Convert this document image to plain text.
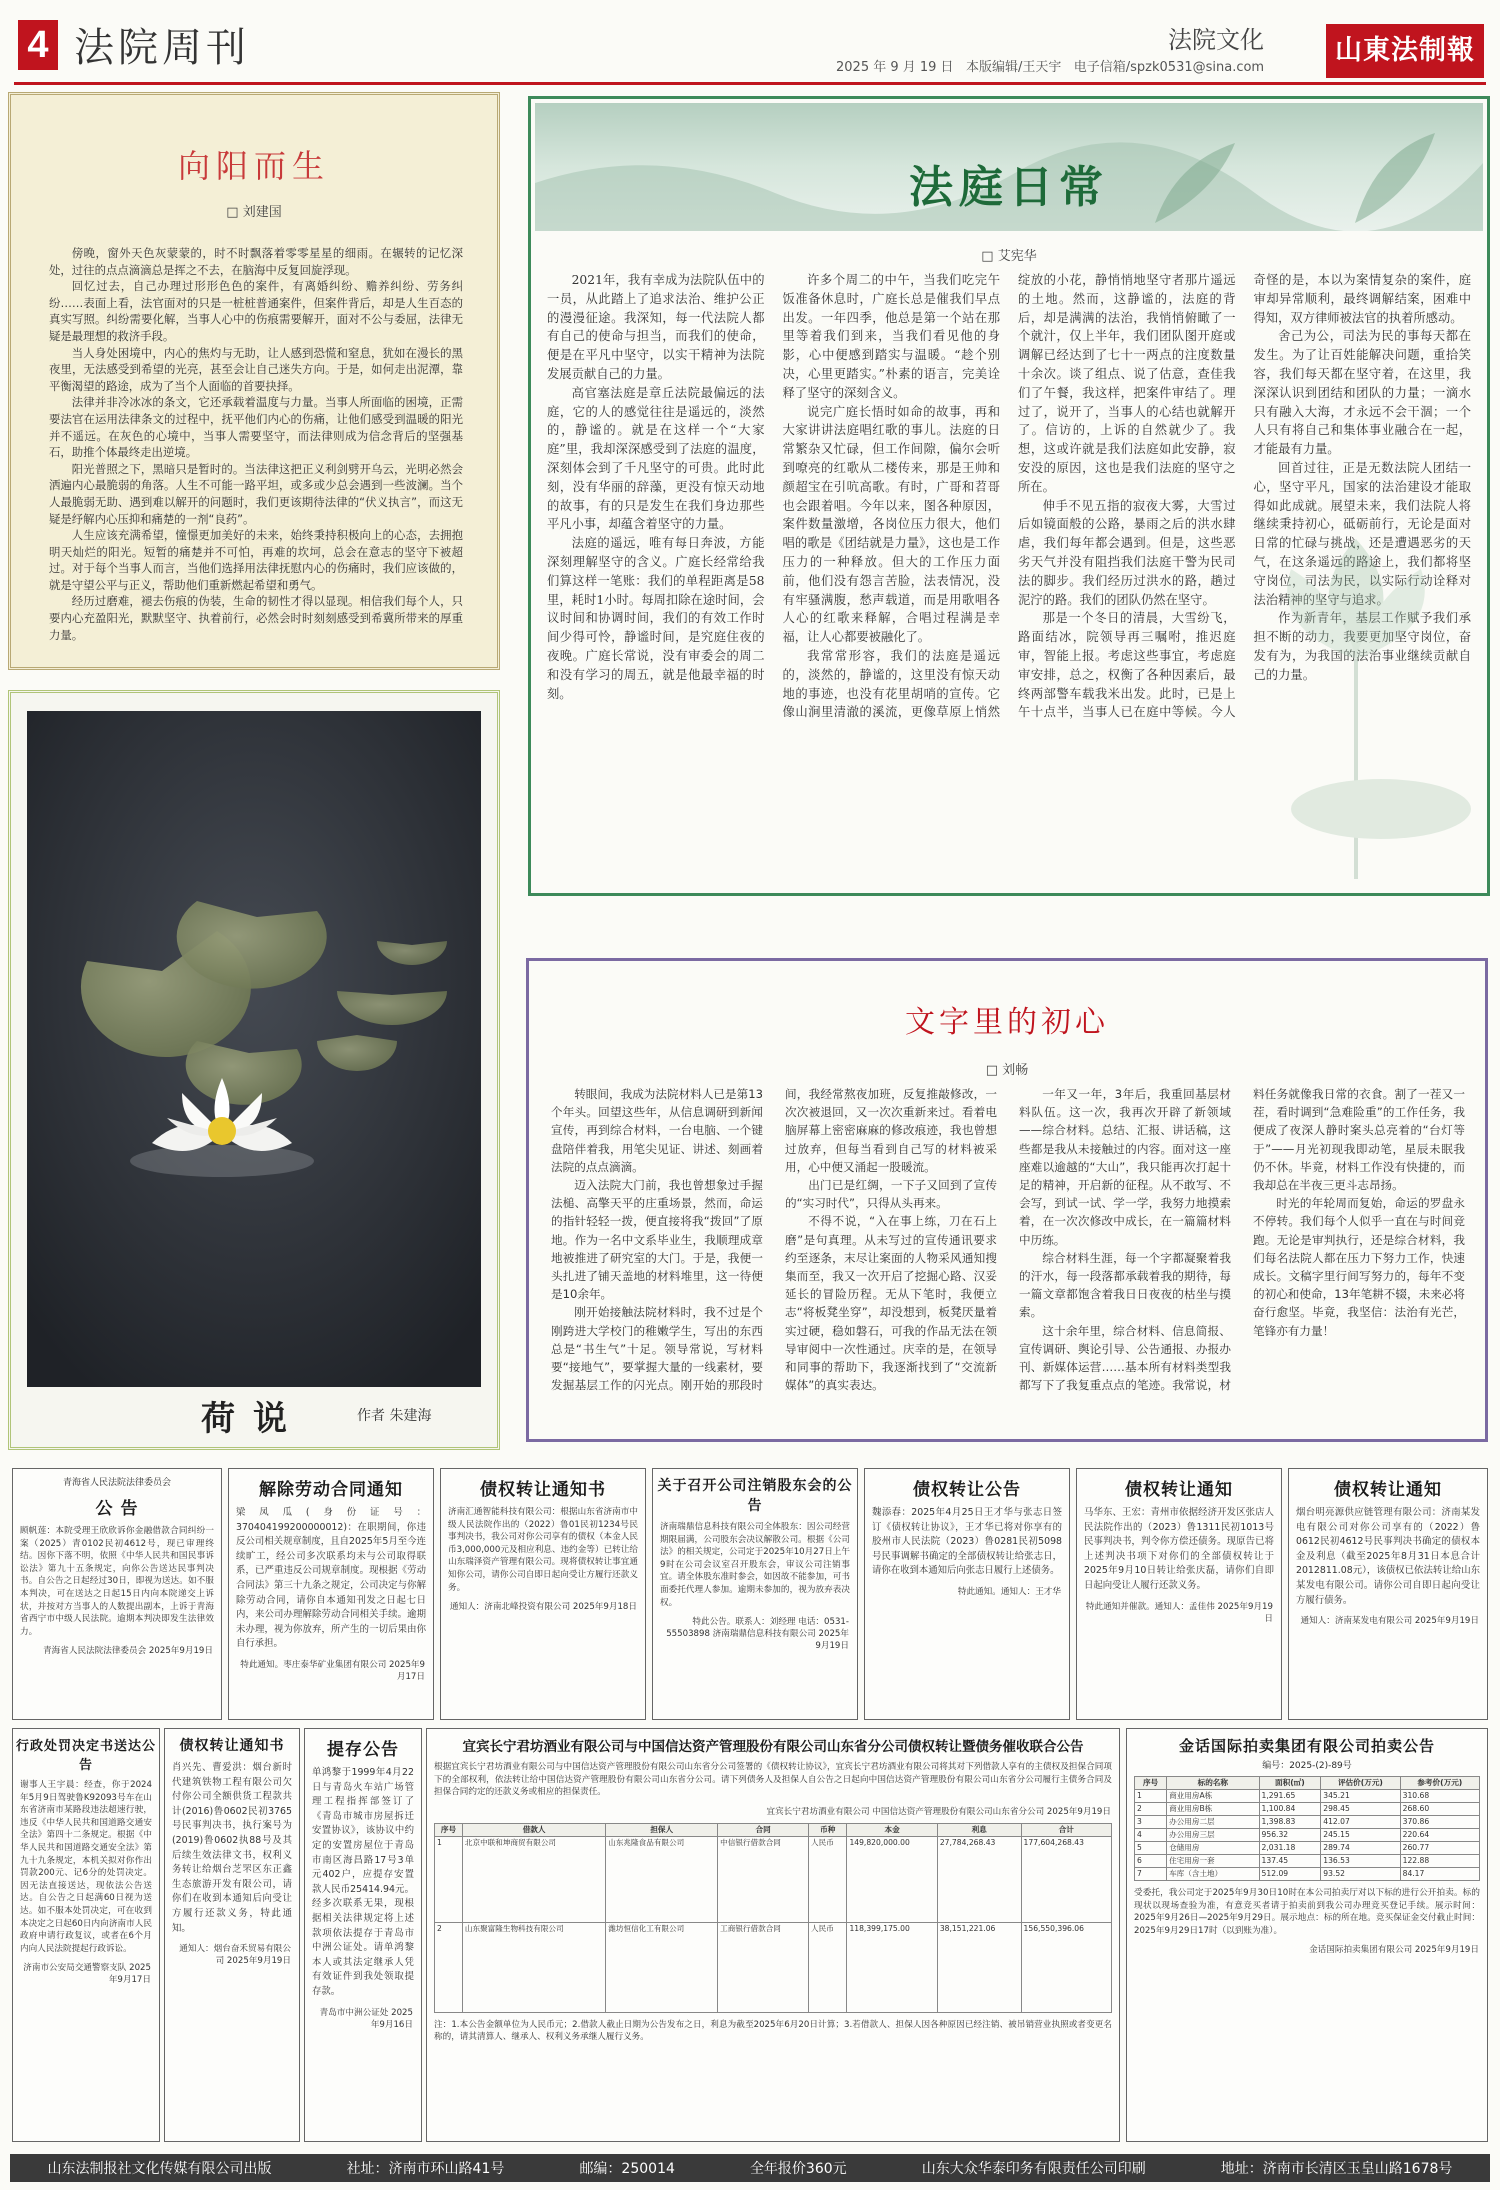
4 法院周刊	法院文化
2025 年 9 月 19 日 本版编辑/王天宇 电子信箱/spzk0531@sina.com
山東法制報
向阳而生
□ 刘建国

傍晚，窗外天色灰蒙蒙的，时不时飘落着零零星星的细雨。在辗转的记忆深处，过往的点点滴滴总是挥之不去，在脑海中反复回旋浮现。

回忆过去，自己办理过形形色色的案件，有离婚纠纷、赡养纠纷、劳务纠纷……表面上看，法官面对的只是一桩桩普通案件，但案件背后，却是人生百态的真实写照。纠纷需要化解，当事人心中的伤痕需要解开，面对不公与委屈，法律无疑是最理想的救济手段。

当人身处困境中，内心的焦灼与无助，让人感到恐慌和窒息，犹如在漫长的黑夜里，无法感受到希望的光亮，甚至会让自己迷失方向。于是，如何走出泥潭，靠平衡渴望的路途，成为了当个人面临的首要抉择。

法律并非冷冰冰的条文，它还承载着温度与力量。当事人所面临的困境，正需要法官在运用法律条文的过程中，抚平他们内心的伤痛，让他们感受到温暖的阳光并不遥远。在灰色的心境中，当事人需要坚守，而法律则成为信念背后的坚强基石，助推个体最终走出逆境。

阳光普照之下，黑暗只是暂时的。当法律这把正义利剑劈开乌云，光明必然会洒遍内心最脆弱的角落。人生不可能一路平坦，或多或少总会遇到一些波澜。当个人最脆弱无助、遇到难以解开的问题时，我们更该期待法律的“伏义执言”，而这无疑是纾解内心压抑和痛楚的一剂“良药”。

人生应该充满希望，憧憬更加美好的未来，始终秉持积极向上的心态，去拥抱明天灿烂的阳光。短暂的痛楚并不可怕，再难的坎坷，总会在意志的坚守下被超过。对于每个当事人而言，当他们选择用法律抚慰内心的伤痛时，我们应该做的，就是守望公平与正义，帮助他们重新燃起希望和勇气。

经历过磨难，褪去伤痕的伪装，生命的韧性才得以显现。相信我们每个人，只要内心充盈阳光，默默坚守、执着前行，必然会时时刻刻感受到希冀所带来的厚重力量。

荷说	作者 朱建海
法庭日常
□ 艾宪华

2021年，我有幸成为法院队伍中的一员，从此踏上了追求法治、维护公正的漫漫征途。我深知，每一代法院人都有自己的使命与担当，而我们的使命，便是在平凡中坚守，以实干精神为法院发展贡献自己的力量。

高官塞法庭是章丘法院最偏远的法庭，它的人的感觉往往是遥远的，淡然的，静谧的。就是在这样一个“大家庭”里，我却深深感受到了法庭的温度，深刻体会到了千凡坚守的可贵。此时此刻，没有华丽的辞藻，更没有惊天动地的故事，有的只是发生在我们身边那些平凡小事，却蕴含着坚守的力量。

法庭的遥远，唯有每日奔波，方能深刻理解坚守的含义。广庭长经常给我们算这样一笔账：我们的单程距离是58里，耗时1小时。每周扣除在途时间，会议时间和协调时间，我们的有效工作时间少得可怜，静谧时间，是究庭住夜的夜晚。广庭长常说，没有审委会的周二和没有学习的周五，就是他最幸福的时刻。

许多个周二的中午，当我们吃完午饭准备休息时，广庭长总是催我们早点出发。一年四季，他总是第一个站在那里等着我们到来，当我们看见他的身影，心中便感到踏实与温暖。“趁个别决，心里更踏实。”朴素的语言，完美诠释了坚守的深刻含义。

说完广庭长悟时如命的故事，再和大家讲讲法庭唱红歌的事儿。法庭的日常繁杂又忙碌，但工作间隙，偏尔会听到嘹亮的红歌从二楼传来，那是王帅和颜超宝在引吭高歌。有时，广哥和苕哥也会跟着唱。今年以来，图各种原因，案件数量激增，各岗位压力很大，他们唱的歌是《团结就是力量》，这也是工作压力的一种释放。但大的工作压力面前，他们没有怨言苦脸，法表情况，没有牢骚满腹，愁声载道，而是用歌唱各人心的红歌来释解，合唱过程满是幸福，让人心都要被融化了。

我常常形容，我们的法庭是遥远的，淡然的，静谧的，这里没有惊天动地的事迹，也没有花里胡哨的宣传。它像山涧里清澈的溪流，更像草原上悄然绽放的小花，静悄悄地坚守者那片遥远的土地。然而，这静谧的，法庭的背后，却是满满的法治，我悄悄俯瞰了一个就汁，仅上半年，我们团队图开庭或调解已经达到了七十一两点的注度数量十余次。谈了组点、说了估意，查佳我们了午餐，我这样，把案件审结了。理过了，说开了，当事人的心结也就解开了。信访的，上诉的自然就少了。我想，这或许就是我们法庭如此安静，寂安没的原因，这也是我们法庭的坚守之所在。

伸手不见五指的寂夜大雾，大雪过后如镜面般的公路，暴雨之后的洪水肆虐，我们每年都会遇到。但是，这些恶劣天气并没有阻挡我们法庭干警为民司法的脚步。我们经历过洪水的路，趟过泥泞的路。我们的团队仍然在坚守。

那是一个冬日的清晨，大雪纷飞，路面结冰，院领导再三嘱咐，推迟庭审，智能上报。考虑这些事宜，考虑庭审安排，总之，权衡了各种因素后，最终两部警车载我米出发。此时，已是上午十点半，当事人已在庭中等候。今人奇怪的是，本以为案情复杂的案件，庭审却异常顺利，最终调解结案，困难中得知，双方律师被法官的执着所感动。

舍己为公，司法为民的事每天都在发生。为了让百姓能解决问题，重拾笑容，我们每天都在坚守着，在这里，我深深认识到团结和团队的力量；一滴水只有融入大海，才永远不会干涸；一个人只有将自己和集体事业融合在一起，才能最有力量。

回首过往，正是无数法院人团结一心，坚守平凡，国家的法治建设才能取得如此成就。展望未来，我们法院人将继续秉持初心，砥砺前行，无论是面对日常的忙碌与挑战，还是遭遇恶劣的天气，在这条遥远的路途上，我们都将坚守岗位，司法为民，以实际行动诠释对法治精神的坚守与追求。

作为新青年，基层工作赋予我们承担不断的动力，我要更加坚守岗位，奋发有为，为我国的法治事业继续贡献自己的力量。

文字里的初心
□ 刘畅

转眼间，我成为法院材料人已是第13个年头。回望这些年，从信息调研到新闻宣传，再到综合材料，一台电脑、一个键盘陪伴着我，用笔尖见证、讲述、刻画着法院的点点滴滴。

迈入法院大门前，我也曾想象过手握法槌、高擎天平的庄重场景，然而，命运的指针轻轻一拨，便直接将我“拨回”了原地。作为一名中文系毕业生，我顺理成章地被推进了研究室的大门。于是，我便一头扎进了铺天盖地的材料堆里，这一待便是10余年。

刚开始接触法院材料时，我不过是个刚跨进大学校门的稚嫩学生，写出的东西总是“书生气”十足。领导常说，写材料要“接地气”，要掌握大量的一线素材，要发掘基层工作的闪光点。刚开始的那段时间，我经常熬夜加班，反复推敲修改，一次次被退回，又一次次重新来过。看着电脑屏幕上密密麻麻的修改痕迹，我也曾想过放弃，但每当看到自己写的材料被采用，心中便又涌起一股暖流。

出门已是红绸，一下子又回到了宣传的“实习时代”，只得从头再来。

不得不说，“入在事上练，刀在石上磨”是句真理。从未写过的宣传通讯要求约至逐条，末尽让案面的人物采风通知搜集而至，我又一次开启了挖掘心路、汉妥延长的冒险历程。无从下笔时，我便立志“将板凳坐穿”，却没想到，板凳厌量着实过硬，稳如磐石，可我的作品无法在领导审阅中一次性通过。庆幸的是，在领导和同事的帮助下，我逐渐找到了“交流新媒体”的真实表达。

一年又一年，3年后，我重回基层材料队伍。这一次，我再次开辟了新领域——综合材料。总结、汇报、讲话稿，这些都是我从未接触过的内容。面对这一座座难以逾越的“大山”，我只能再次打起十足的精神，开启新的征程。从不敢写、不会写，到试一试、学一学，我努力地摸索着，在一次次修改中成长，在一篇篇材料中历练。

综合材料生涯，每一个字都凝聚着我的汗水，每一段落都承载着我的期待，每一篇文章都饱含着我日日夜夜的枯坐与摸索。

这十余年里，综合材料、信息简报、宣传调研、舆论引导、公告通报、办报办刊、新媒体运营……基本所有材料类型我都写下了我复重点点的笔迹。我常说，材料任务就像我日常的衣食。割了一茬又一茬，看时调到“急难险重”的工作任务，我便成了夜深人静时案头总亮着的“台灯等于”——月光初现我即动笔，星辰未眠我仍不休。毕竟，材料工作没有快捷的，而我却总在半夜三更斗志昂扬。

时光的年轮周而复始，命运的罗盘永不停转。我们每个人似乎一直在与时间竞跑。无论是审判执行，还是综合材料，我们每名法院人都在压力下努力工作，快速成长。文稿字里行间写努力的，每年不变的初心和使命，13年笔耕不辍，未来必将奋行愈坚。毕竟，我坚信：法治有光芒，笔锋亦有力量！

青海省人民法院法律委员会
公 告
顾帆莲：本院受理王欣欣诉你金融借款合同纠纷一案（2025）青0102民初4612号，现已审理终结。因你下落不明，依照《中华人民共和国民事诉讼法》第九十五条规定，向你公告送达民事判决书。自公告之日起经过30日，即视为送达。如不服本判决，可在送达之日起15日内向本院递交上诉状，并按对方当事人的人数提出副本，上诉于青海省西宁市中级人民法院。逾期本判决即发生法律效力。
青海省人民法院法律委员会 2025年9月19日
解除劳动合同通知
梁凤瓜(身份证号：370404199200000012)：在职期间，你违反公司相关规章制度，且自2025年5月至今连续旷工，经公司多次联系均未与公司取得联系，已严重违反公司规章制度。现根据《劳动合同法》第三十九条之规定，公司决定与你解除劳动合同，请你自本通知刊发之日起七日内，来公司办理解除劳动合同相关手续。逾期未办理，视为你放弃，所产生的一切后果由你自行承担。
特此通知。枣庄泰华矿业集团有限公司 2025年9月17日
债权转让通知书
济南汇通智能科技有限公司：根据山东省济南市中级人民法院作出的（2022）鲁01民初1234号民事判决书，我公司对你公司享有的债权（本金人民币3,000,000元及相应利息、违约金等）已转让给山东瑞泽资产管理有限公司。现将债权转让事宜通知你公司，请你公司自即日起向受让方履行还款义务。
通知人：济南北峰投资有限公司 2025年9月18日
关于召开公司注销股东会的公告
济南瑞鼎信息科技有限公司全体股东：因公司经营期限届满，公司股东会决议解散公司。根据《公司法》的相关规定，公司定于2025年10月27日上午9时在公司会议室召开股东会，审议公司注销事宜。请全体股东准时参会，如因故不能参加，可书面委托代理人参加。逾期未参加的，视为放弃表决权。
特此公告。联系人：刘经理 电话：0531-55503898 济南瑞鼎信息科技有限公司 2025年9月19日
债权转让公告
魏添春：2025年4月25日王才华与张志日签订《债权转让协议》，王才华已将对你享有的胶州市人民法院（2023）鲁0281民初5098号民事调解书确定的全部债权转让给张志日，请你在收到本通知后向张志日履行上述债务。
特此通知。通知人：王才华
债权转让通知
马华东、王宏：青州市依据经济开发区张店人民法院作出的（2023）鲁1311民初1013号民事判决书，判令你方偿还债务。现原告已将上述判决书项下对你们的全部债权转让于2025年9月10日转让给张庆磊，请你们自即日起向受让人履行还款义务。
特此通知并催款。通知人：孟佳伟 2025年9月19日
债权转让通知
烟台明亮源供应链管理有限公司：济南某发电有限公司对你公司享有的（2022）鲁0612民初4612号民事判决书确定的债权本金及利息（截至2025年8月31日本息合计2012811.08元），该债权已依法转让给山东某发电有限公司。请你公司自即日起向受让方履行债务。
通知人：济南某发电有限公司 2025年9月19日
行政处罚决定书送达公告
谢事人王宇晨：经查，你于2024年5月9日驾驶鲁K92093号车在山东省济南市某路段违法超速行驶，违反《中华人民共和国道路交通安全法》第四十二条规定。根据《中华人民共和国道路交通安全法》第九十九条规定，本机关拟对你作出罚款200元、记6分的处罚决定。因无法直接送达，现依法公告送达。自公告之日起满60日视为送达。如不服本处罚决定，可在收到本决定之日起60日内向济南市人民政府申请行政复议，或者在6个月内向人民法院提起行政诉讼。
济南市公安局交通警察支队 2025年9月17日
债权转让通知书
肖兴先、曹爱洪：烟台新时代建筑铁物工程有限公司欠付你公司全额供货工程款共计(2016)鲁0602民初3765号民事判决书，执行案号为(2019)鲁0602执88号及其后续生效法律文书，权利义务转让给烟台芝罘区东正鑫生态旅游开发有限公司，请你们在收到本通知后向受让方履行还款义务，特此通知。
通知人：烟台奋禾贸易有限公司 2025年9月19日
提存公告
单鸿黎于1999年4月22日与青岛火车站广场管理工程指挥部签订了《青岛市城市房屋拆迁安置协议》，该协议中约定的安置房屋位于青岛市南区海昌路17号3单元402户，应提存安置款人民币25414.94元。经多次联系无果，现根据相关法律规定将上述款项依法提存于青岛市中洲公证处。请单鸿黎本人或其法定继承人凭有效证件到我处领取提存款。
青岛市中洲公证处 2025年9月16日
宜宾长宁君坊酒业有限公司与中国信达资产管理股份有限公司山东省分公司债权转让暨债务催收联合公告
根据宜宾长宁君坊酒业有限公司与中国信达资产管理股份有限公司山东省分公司签署的《债权转让协议》，宜宾长宁君坊酒业有限公司将其对下列借款人享有的主债权及担保合同项下的全部权利，依法转让给中国信达资产管理股份有限公司山东省分公司。请下列债务人及担保人自公告之日起向中国信达资产管理股份有限公司山东省分公司履行主债务合同及担保合同约定的还款义务或相应的担保责任。
宜宾长宁君坊酒业有限公司 中国信达资产管理股份有限公司山东省分公司 2025年9月19日
序号	借款人	担保人	合同	币种	本金	利息	合计
1	北京中联和坤商贸有限公司	山东兆隆食品有限公司	中信银行借款合同	人民币	149,820,000.00	27,784,268.43	177,604,268.43
2	山东聚富隆生物科技有限公司	潍坊恒信化工有限公司	工商银行借款合同	人民币	118,399,175.00	38,151,221.06	156,550,396.06
注：1.本公告金额单位为人民币元；2.借款人截止日期为公告发布之日，利息为截至2025年6月20日计算；3.若借款人、担保人因各种原因已经注销、被吊销营业执照或者变更名称的，请其清算人、继承人、权利义务承继人履行义务。
金话国际拍卖集团有限公司拍卖公告
编号：2025-(2)-89号
序号	标的名称	面积(㎡)	评估价(万元)	参考价(万元)
1	商业用房A栋	1,291.65	345.21	310.68
2	商业用房B栋	1,100.84	298.45	268.60
3	办公用房二层	1,398.83	412.07	370.86
4	办公用房三层	956.32	245.15	220.64
5	仓储用房	2,031.18	289.74	260.77
6	住宅用房一套	137.45	136.53	122.88
7	车库（含土地）	512.09	93.52	84.17
受委托，我公司定于2025年9月30日10时在本公司拍卖厅对以下标的进行公开拍卖。标的现状以现场查验为准，有意竞买者请于拍卖前到我公司办理竞买登记手续。展示时间：2025年9月26日—2025年9月29日。展示地点：标的所在地。竞买保证金交付截止时间：2025年9月29日17时（以到账为准）。
金话国际拍卖集团有限公司 2025年9月19日
山东法制报社文化传媒有限公司出版	社址：济南市环山路41号	邮编：250014	全年报价360元	山东大众华泰印务有限责任公司印刷	地址：济南市长清区玉皇山路1678号
